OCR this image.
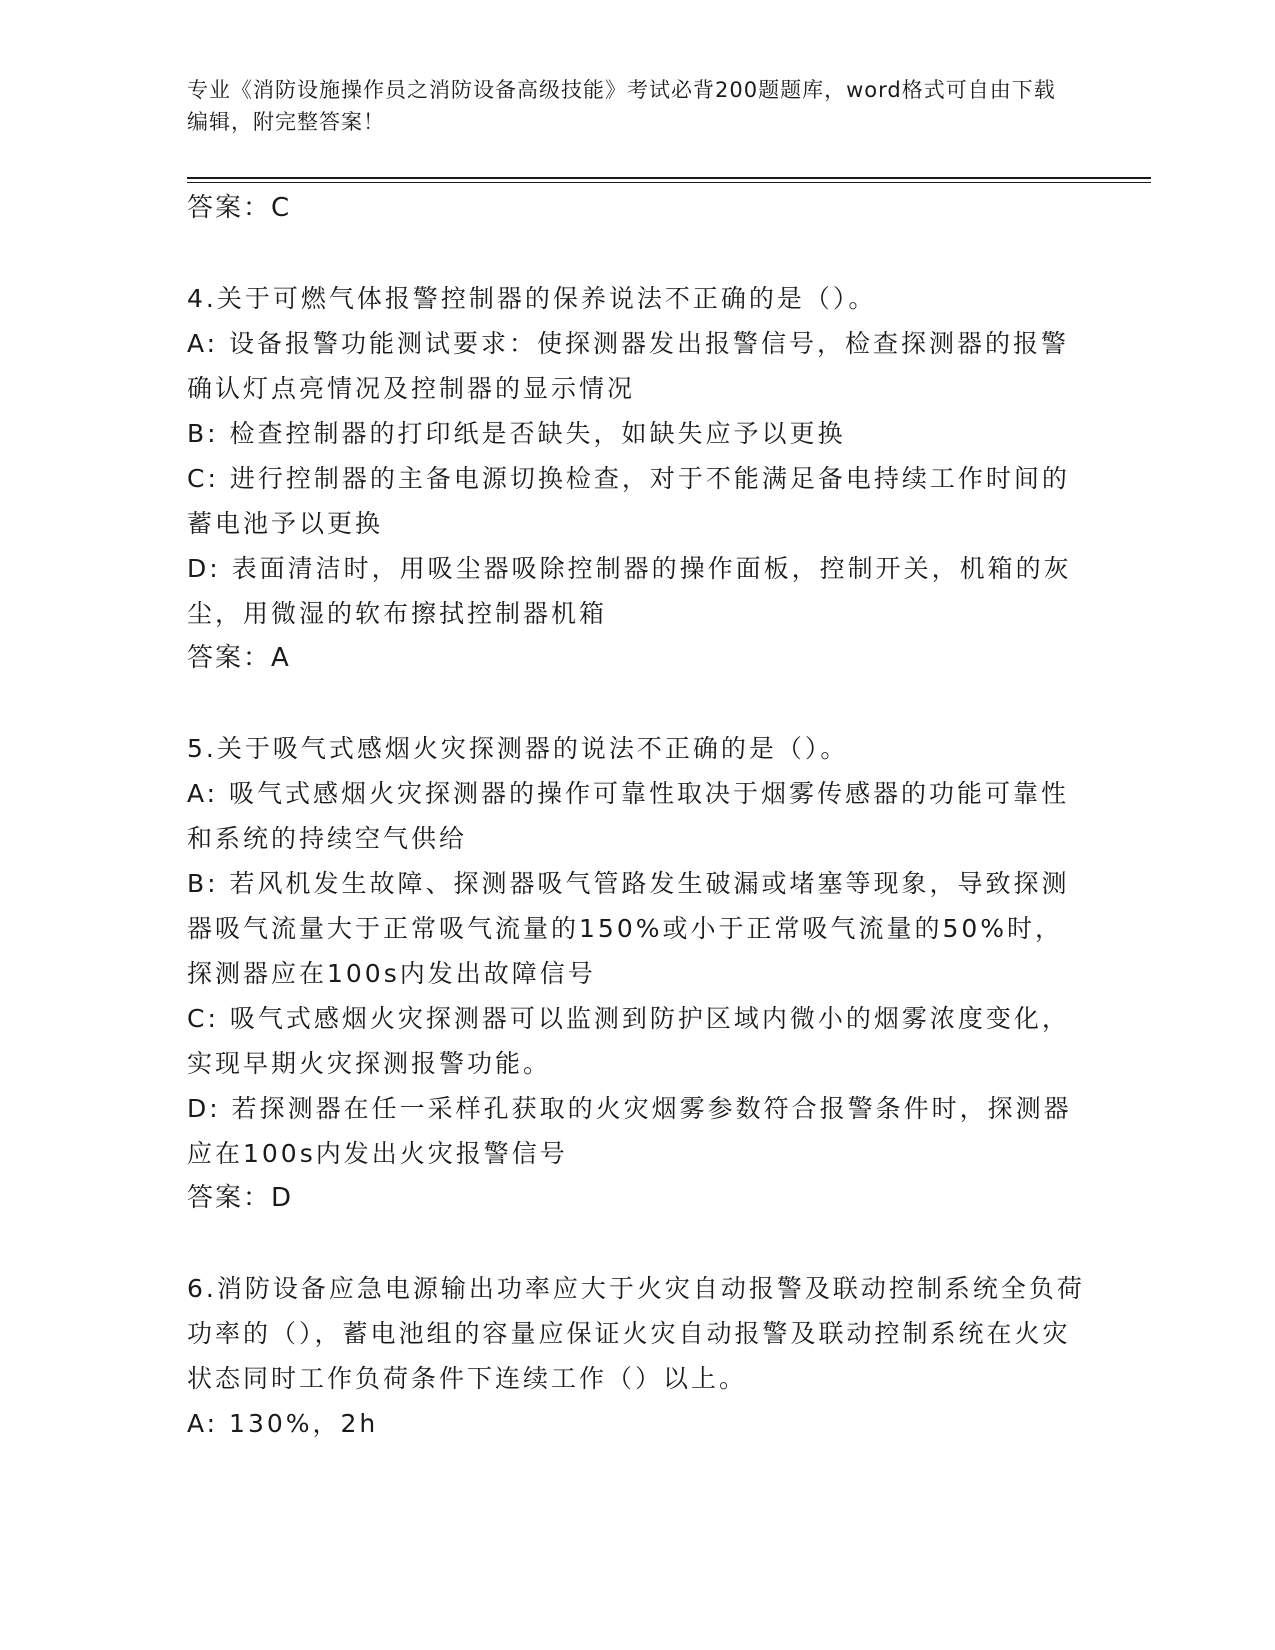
专业《消防设施操作员之消防设备高级技能》考试必背200题题库，word格式可自由下载编辑，附完整答案！
答案：C
4.关于可燃气体报警控制器的保养说法不正确的是（）。
A: 设备报警功能测试要求：使探测器发出报警信号，检查探测器的报警确认灯点亮情况及控制器的显示情况
B: 检查控制器的打印纸是否缺失，如缺失应予以更换
C: 进行控制器的主备电源切换检查，对于不能满足备电持续工作时间的蓄电池予以更换
D: 表面清洁时，用吸尘器吸除控制器的操作面板，控制开关，机箱的灰尘，用微湿的软布擦拭控制器机箱
答案：A
5.关于吸气式感烟火灾探测器的说法不正确的是（）。
A: 吸气式感烟火灾探测器的操作可靠性取决于烟雾传感器的功能可靠性和系统的持续空气供给
B: 若风机发生故障、探测器吸气管路发生破漏或堵塞等现象，导致探测器吸气流量大于正常吸气流量的150%或小于正常吸气流量的50%时，探测器应在100s内发出故障信号
C: 吸气式感烟火灾探测器可以监测到防护区域内微小的烟雾浓度变化，实现早期火灾探测报警功能。
D: 若探测器在任一采样孔获取的火灾烟雾参数符合报警条件时，探测器应在100s内发出火灾报警信号
答案：D
6.消防设备应急电源输出功率应大于火灾自动报警及联动控制系统全负荷功率的（），蓄电池组的容量应保证火灾自动报警及联动控制系统在火灾状态同时工作负荷条件下连续工作（）以上。
A: 130%，2h
